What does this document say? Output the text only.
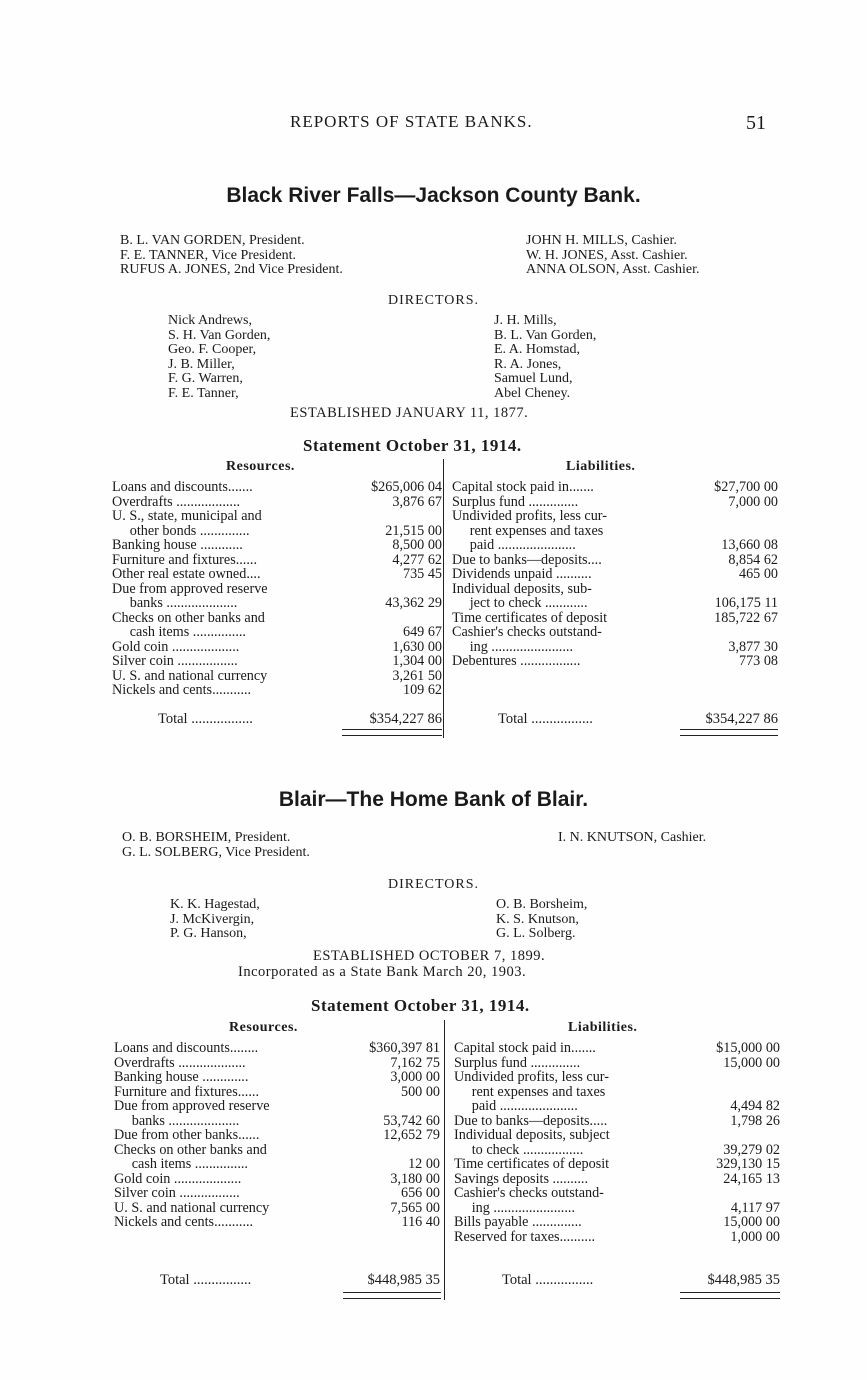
REPORTS OF STATE BANKS.	51
Black River Falls—Jackson County Bank.
B. L. VAN GORDEN, President.
F. E. TANNER, Vice President.
RUFUS A. JONES, 2nd Vice President.
JOHN H. MILLS, Cashier.
W. H. JONES, Asst. Cashier.
ANNA OLSON, Asst. Cashier.
DIRECTORS.
Nick Andrews,
S. H. Van Gorden,
Geo. F. Cooper,
J. B. Miller,
F. G. Warren,
F. E. Tanner,
J. H. Mills,
B. L. Van Gorden,
E. A. Homstad,
R. A. Jones,
Samuel Lund,
Abel Cheney.
ESTABLISHED JANUARY 11, 1877.
Statement October 31, 1914.
Resources.	Liabilities.
Loans and discounts.......	$265,006 04
Overdrafts ..................	3,876 67
U. S., state, municipal and
other bonds ..............	21,515 00
Banking house ............	8,500 00
Furniture and fixtures......	4,277 62
Other real estate owned....	735 45
Due from approved reserve
banks ....................	43,362 29
Checks on other banks and
cash items ...............	649 67
Gold coin ...................	1,630 00
Silver coin .................	1,304 00
U. S. and national currency	3,261 50
Nickels and cents...........	109 62
Capital stock paid in.......	$27,700 00
Surplus fund ..............	7,000 00
Undivided profits, less cur-
rent expenses and taxes
paid ......................	13,660 08
Due to banks—deposits....	8,854 62
Dividends unpaid ..........	465 00
Individual deposits, sub-
ject to check ............	106,175 11
Time certificates of deposit	185,722 67
Cashier's checks outstand-
ing .......................	3,877 30
Debentures .................	773 08
Total .................	$354,227 86	Total .................	$354,227 86
Blair—The Home Bank of Blair.
O. B. BORSHEIM, President.
G. L. SOLBERG, Vice President.
I. N. KNUTSON, Cashier.
DIRECTORS.
K. K. Hagestad,
J. McKivergin,
P. G. Hanson,
O. B. Borsheim,
K. S. Knutson,
G. L. Solberg.
ESTABLISHED OCTOBER 7, 1899.
Incorporated as a State Bank March 20, 1903.
Statement October 31, 1914.
Resources.	Liabilities.
Loans and discounts........	$360,397 81
Overdrafts ...................	7,162 75
Banking house .............	3,000 00
Furniture and fixtures......	500 00
Due from approved reserve
banks ....................	53,742 60
Due from other banks......	12,652 79
Checks on other banks and
cash items ...............	12 00
Gold coin ...................	3,180 00
Silver coin .................	656 00
U. S. and national currency	7,565 00
Nickels and cents...........	116 40
Capital stock paid in.......	$15,000 00
Surplus fund ..............	15,000 00
Undivided profits, less cur-
rent expenses and taxes
paid ......................	4,494 82
Due to banks—deposits.....	1,798 26
Individual deposits, subject
to check .................	39,279 02
Time certificates of deposit	329,130 15
Savings deposits ..........	24,165 13
Cashier's checks outstand-
ing .......................	4,117 97
Bills payable ..............	15,000 00
Reserved for taxes..........	1,000 00
Total ................	$448,985 35	Total ................	$448,985 35
